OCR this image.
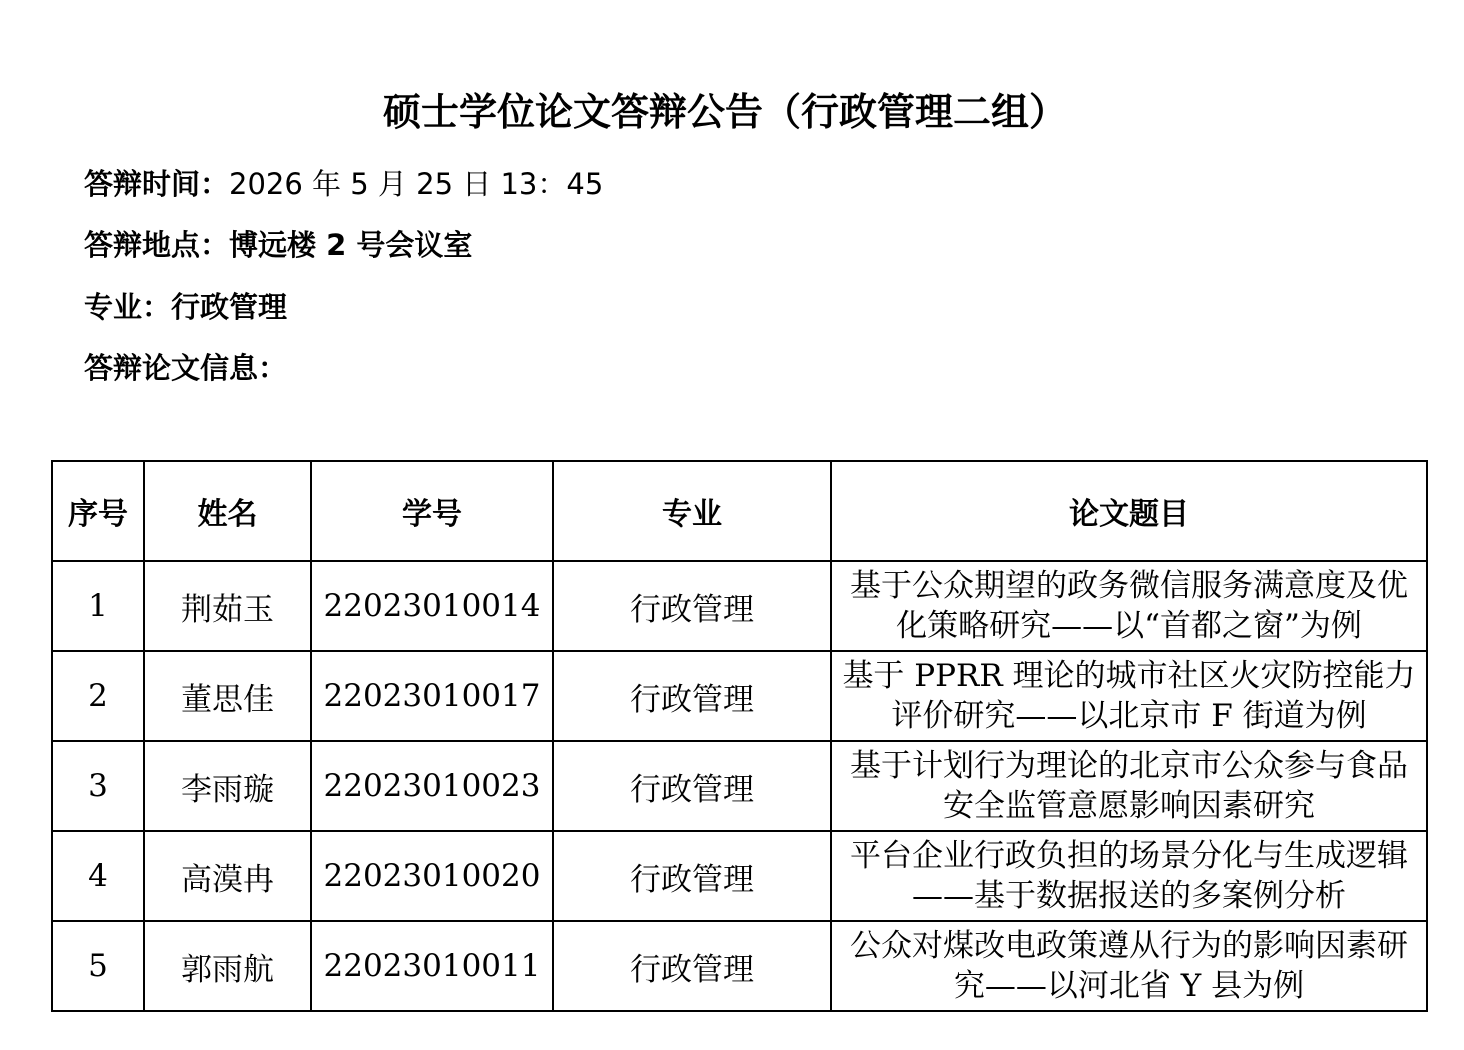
硕士学位论文答辩公告（行政管理二组）
答辩时间：2026 年 5 月 25 日 13：45
答辩地点：博远楼 2 号会议室
专业：行政管理
答辩论文信息：
序号	姓名	学号	专业	论文题目
1	荆茹玉	22023010014	行政管理	基于公众期望的政务微信服务满意度及优
化策略研究——以“首都之窗”为例
2	董思佳	22023010017	行政管理	基于 PPRR 理论的城市社区火灾防控能力
评价研究——以北京市 F 街道为例
3	李雨璇	22023010023	行政管理	基于计划行为理论的北京市公众参与食品
安全监管意愿影响因素研究
4	高漠冉	22023010020	行政管理	平台企业行政负担的场景分化与生成逻辑
——基于数据报送的多案例分析
5	郭雨航	22023010011	行政管理	公众对煤改电政策遵从行为的影响因素研
究——以河北省 Y 县为例
